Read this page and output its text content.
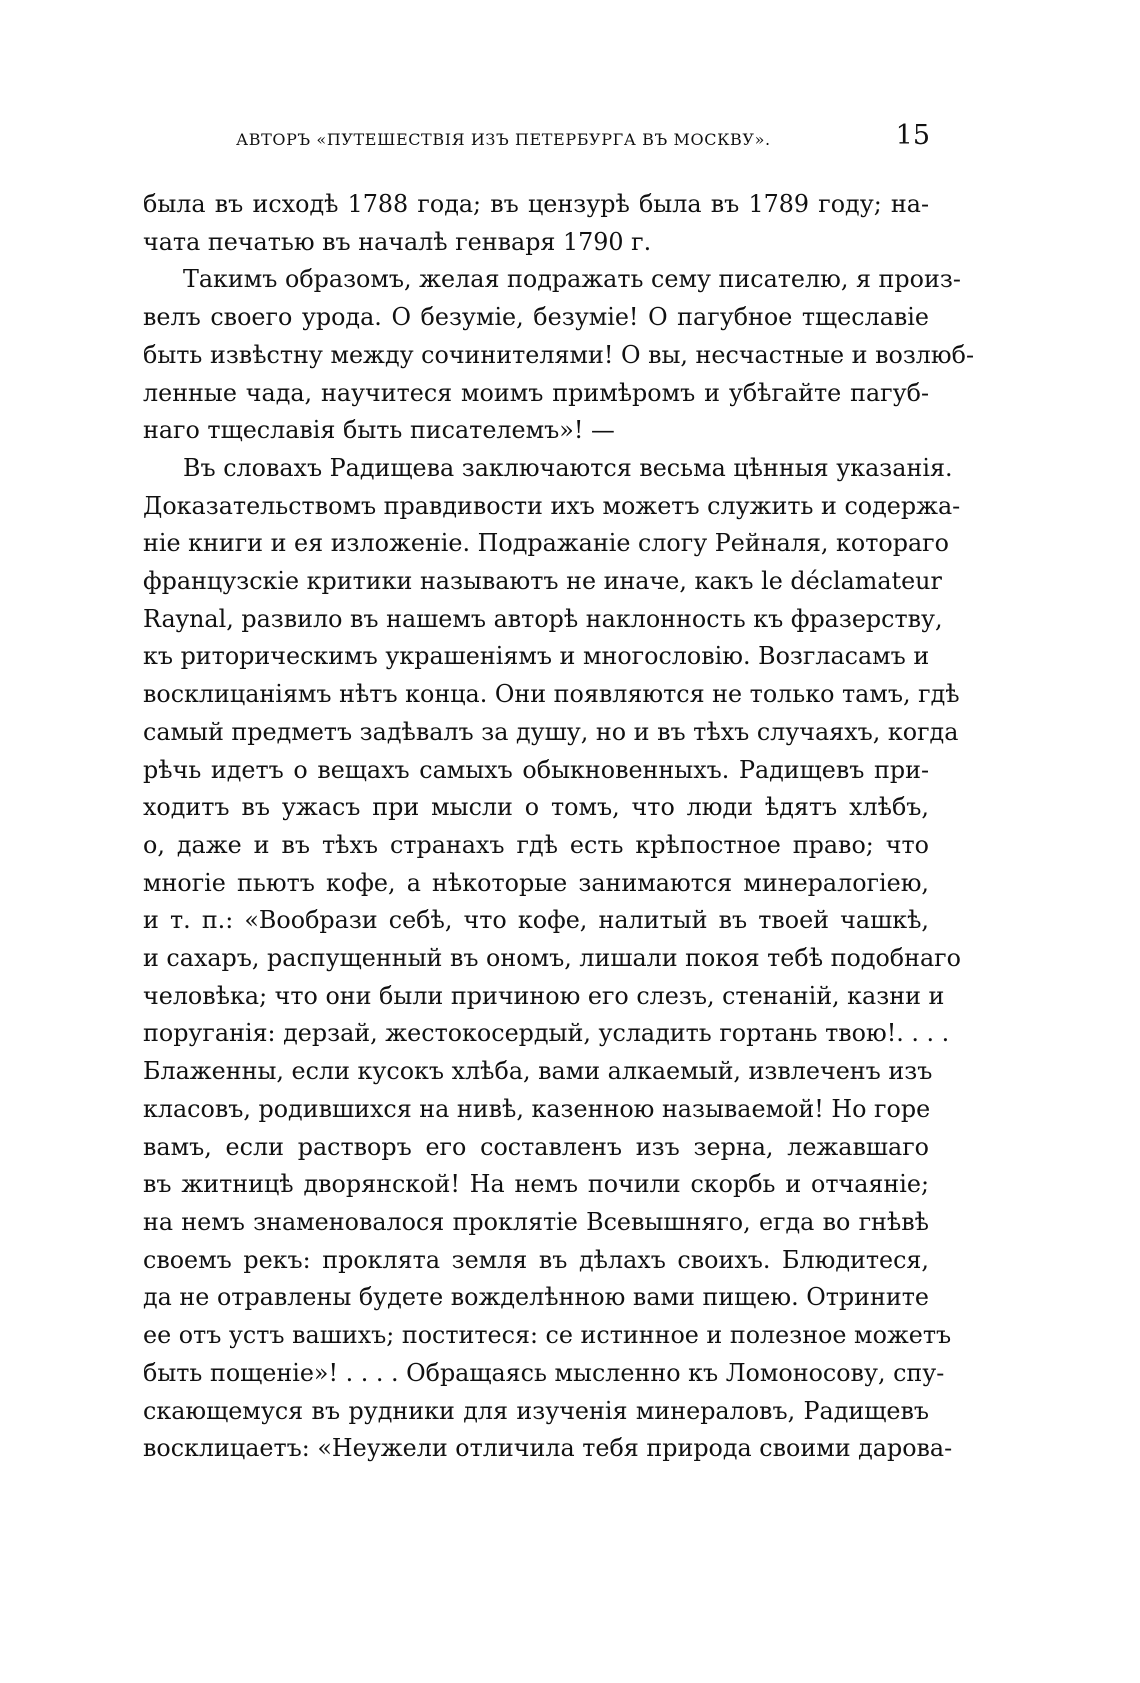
АВТОРЪ «ПУТЕШЕСТВІЯ ИЗЪ ПЕТЕРБУРГА ВЪ МОСКВУ».	15
была въ исходѣ 1788 года; въ цензурѣ была въ 1789 году; на-
чата печатью въ началѣ генваря 1790 г.
Такимъ образомъ, желая подражать сему писателю, я произ-
велъ своего урода. О безуміе, безуміе! О пагубное тщеславіе
быть извѣстну между сочинителями! О вы, несчастные и возлюб-
ленные чада, научитеся моимъ примѣромъ и убѣгайте пагуб-
наго тщеславія быть писателемъ»! —
Въ словахъ Радищева заключаются весьма цѣнныя указанія.
Доказательствомъ правдивости ихъ можетъ служить и содержа-
ніе книги и ея изложеніе. Подражаніе слогу Рейналя, котораго
французскіе критики называютъ не иначе, какъ le déclamateur
Raynal, развило въ нашемъ авторѣ наклонность къ фразерству,
къ риторическимъ украшеніямъ и многословію. Возгласамъ и
восклицаніямъ нѣтъ конца. Они появляются не только тамъ, гдѣ
самый предметъ задѣвалъ за душу, но и въ тѣхъ случаяхъ, когда
рѣчь идетъ о вещахъ самыхъ обыкновенныхъ. Радищевъ при-
ходитъ въ ужасъ при мысли о томъ, что люди ѣдятъ хлѣбъ,
о, даже и въ тѣхъ странахъ гдѣ есть крѣпостное право; что
многіе пьютъ кофе, а нѣкоторые занимаются минералогіею,
и т. п.: «Вообрази себѣ, что кофе, налитый въ твоей чашкѣ,
и сахаръ, распущенный въ ономъ, лишали покоя тебѣ подобнаго
человѣка; что они были причиною его слезъ, стенаній, казни и
поруганія: дерзай, жестокосердый, усладить гортань твою!. . . .
Блаженны, если кусокъ хлѣба, вами алкаемый, извлеченъ изъ
класовъ, родившихся на нивѣ, казенною называемой! Но горе
вамъ, если растворъ его составленъ изъ зерна, лежавшаго
въ житницѣ дворянской! На немъ почили скорбь и отчаяніе;
на немъ знаменовалося проклятіе Всевышняго, егда во гнѣвѣ
своемъ рекъ: проклята земля въ дѣлахъ своихъ. Блюдитеся,
да не отравлены будете вожделѣнною вами пищею. Отрините
ее отъ устъ вашихъ; поститеся: се истинное и полезное можетъ
быть пощеніе»! . . . . Обращаясь мысленно къ Ломоносову, спу-
скающемуся въ рудники для изученія минераловъ, Радищевъ
восклицаетъ: «Неужели отличила тебя природа своими дарова-
